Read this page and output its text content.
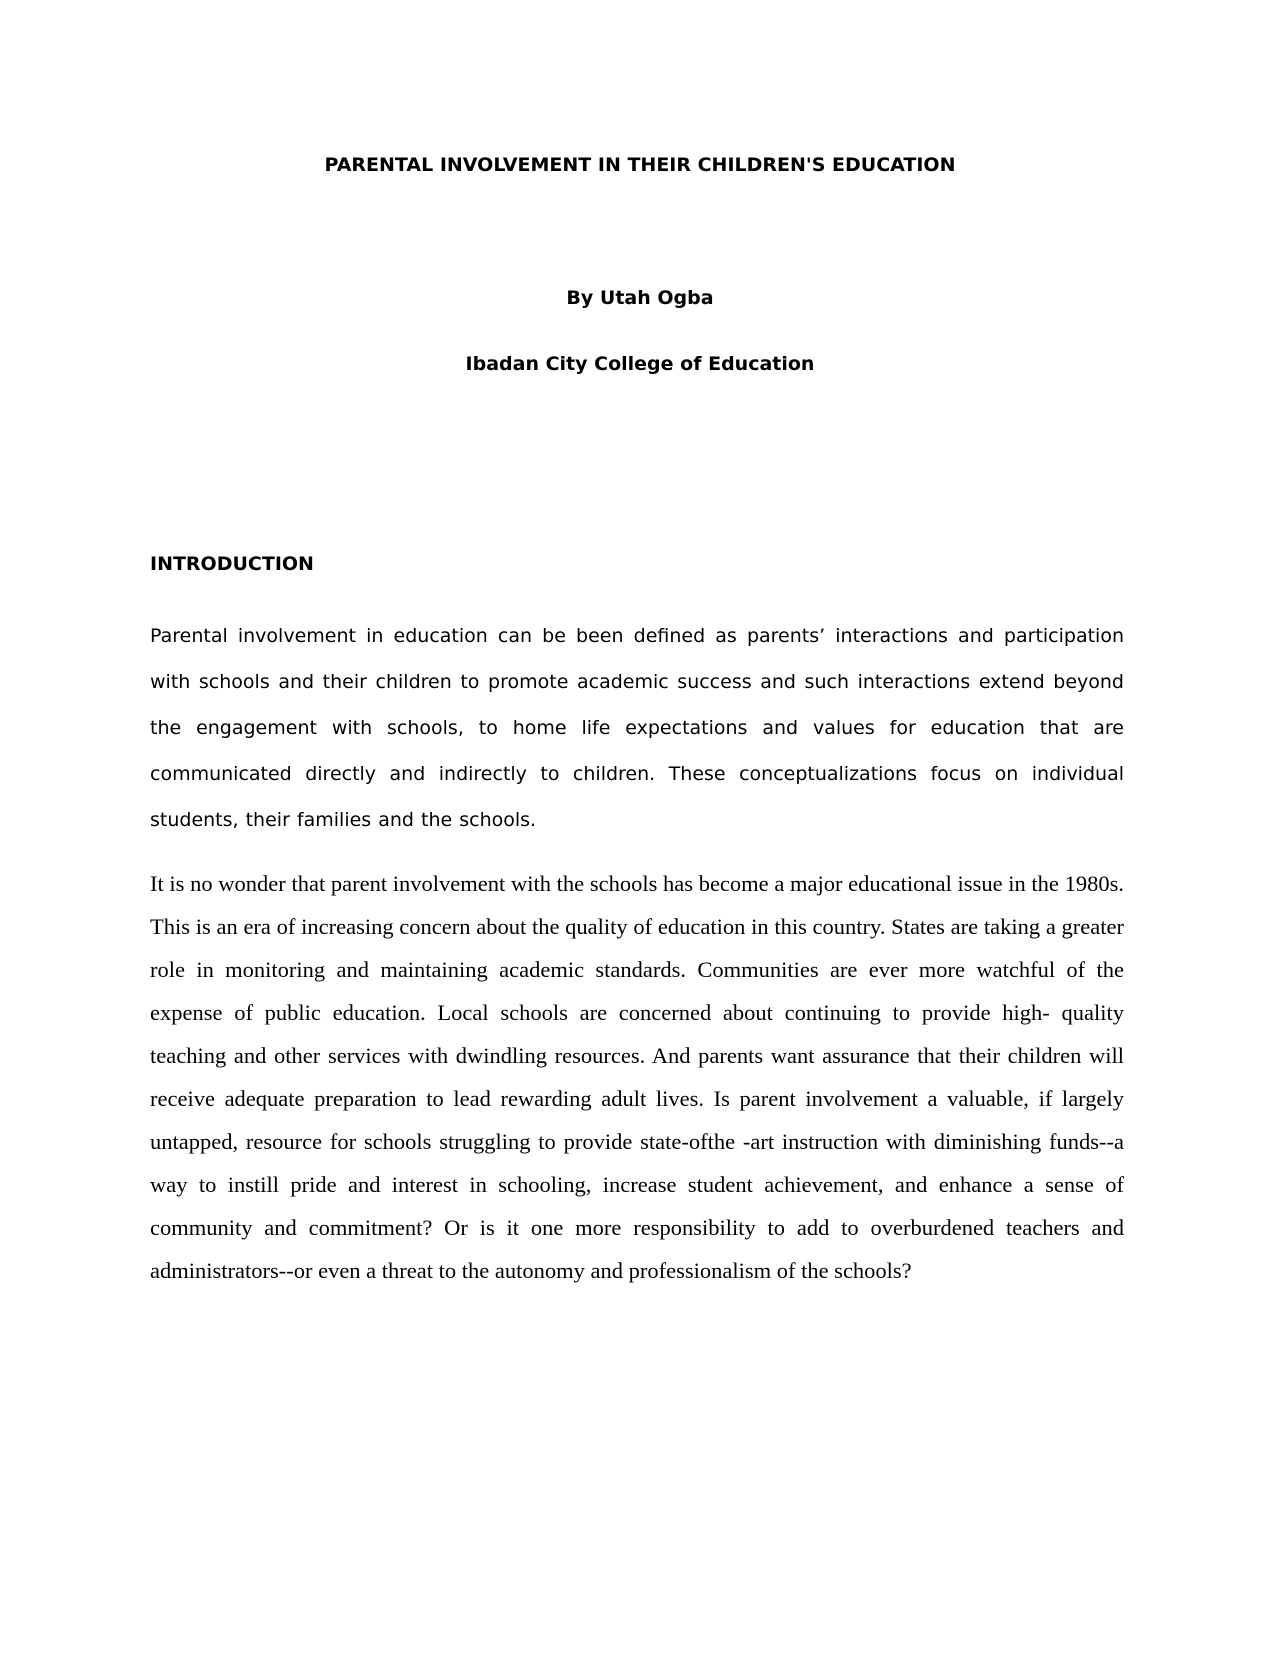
PARENTAL INVOLVEMENT IN THEIR CHILDREN'S EDUCATION

By Utah Ogba

Ibadan City College of Education

INTRODUCTION

Parental involvement in education can be been defined as parents’ interactions and participation with schools and their children to promote academic success and such interactions extend beyond the engagement with schools, to home life expectations and values for education that are communicated directly and indirectly to children. These conceptualizations focus on individual students, their families and the schools.

It is no wonder that parent involvement with the schools has become a major educational issue in the 1980s. This is an era of increasing concern about the quality of education in this country. States are taking a greater role in monitoring and maintaining academic standards. Communities are ever more watchful of the expense of public education. Local schools are concerned about continuing to provide high- quality teaching and other services with dwindling resources. And parents want assurance that their children will receive adequate preparation to lead rewarding adult lives. Is parent involvement a valuable, if largely untapped, resource for schools struggling to provide state-ofthe -art instruction with diminishing funds--a way to instill pride and interest in schooling, increase student achievement, and enhance a sense of community and commitment? Or is it one more responsibility to add to overburdened teachers and administrators--or even a threat to the autonomy and professionalism of the schools?
